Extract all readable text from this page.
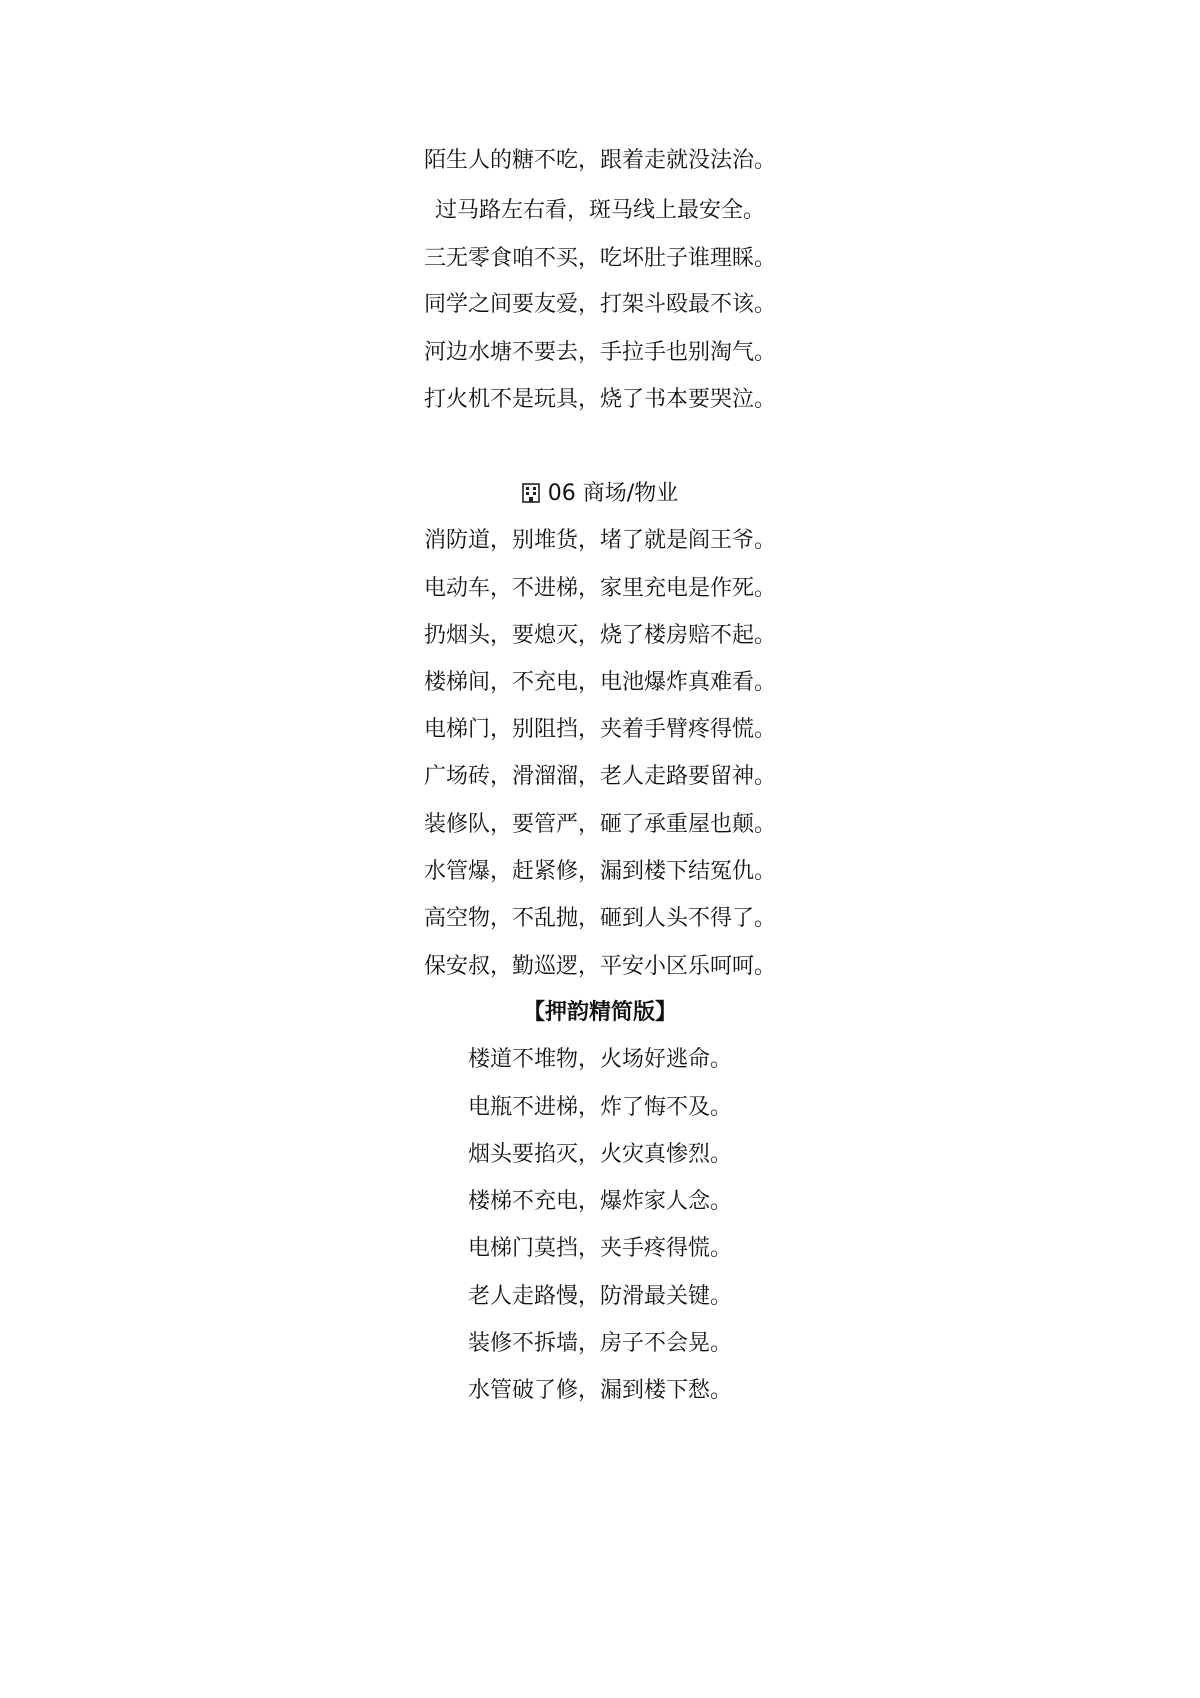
陌生人的糖不吃，跟着走就没法治。
过马路左右看，斑马线上最安全。
三无零食咱不买，吃坏肚子谁理睬。
同学之间要友爱，打架斗殴最不该。
河边水塘不要去，手拉手也别淘气。
打火机不是玩具，烧了书本要哭泣。
06 商场/物业
消防道，别堆货，堵了就是阎王爷。
电动车，不进梯，家里充电是作死。
扔烟头，要熄灭，烧了楼房赔不起。
楼梯间，不充电，电池爆炸真难看。
电梯门，别阻挡，夹着手臂疼得慌。
广场砖，滑溜溜，老人走路要留神。
装修队，要管严，砸了承重屋也颠。
水管爆，赶紧修，漏到楼下结冤仇。
高空物，不乱抛，砸到人头不得了。
保安叔，勤巡逻，平安小区乐呵呵。
【押韵精简版】
楼道不堆物，火场好逃命。
电瓶不进梯，炸了悔不及。
烟头要掐灭，火灾真惨烈。
楼梯不充电，爆炸家人念。
电梯门莫挡，夹手疼得慌。
老人走路慢，防滑最关键。
装修不拆墙，房子不会晃。
水管破了修，漏到楼下愁。
